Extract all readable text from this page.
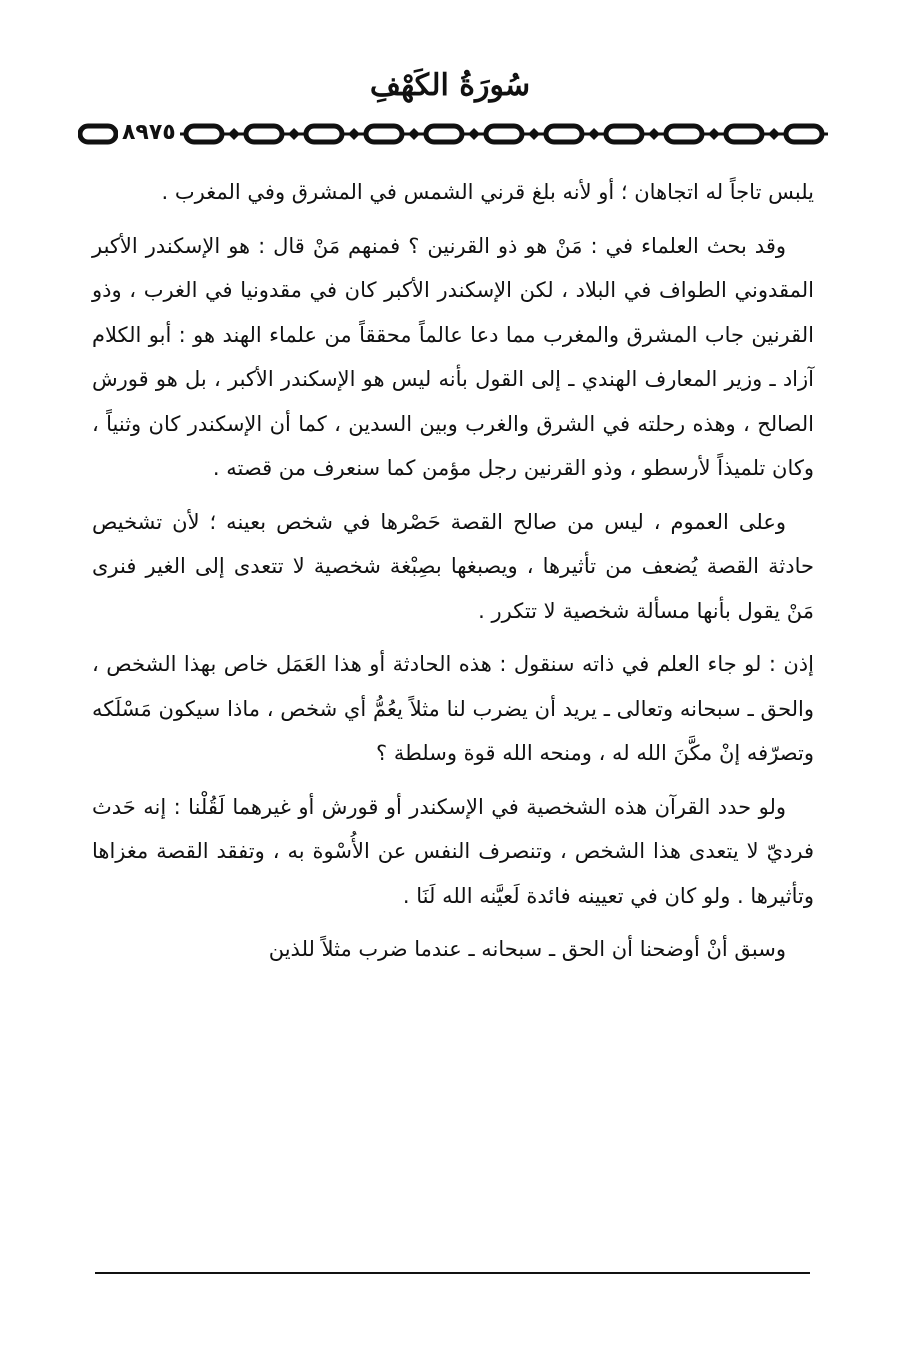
سُورَةُ الكَهْفِ
٨٩٧٥

يلبس تاجاً له اتجاهان ؛ أو لأنه بلغ قرني الشمس في المشرق وفي المغرب .

وقد بحث العلماء في : مَنْ هو ذو القرنين ؟ فمنهم مَنْ قال : هو الإسكندر الأكبر المقدوني الطواف في البلاد ، لكن الإسكندر الأكبر كان في مقدونيا في الغرب ، وذو القرنين جاب المشرق والمغرب مما دعا عالماً محققاً من علماء الهند هو : أبو الكلام آزاد ـ وزير المعارف الهندي ـ إلى القول بأنه ليس هو الإسكندر الأكبر ، بل هو قورش الصالح ، وهذه رحلته في الشرق والغرب وبين السدين ، كما أن الإسكندر كان وثنياً ، وكان تلميذاً لأرسطو ، وذو القرنين رجل مؤمن كما سنعرف من قصته .

وعلى العموم ، ليس من صالح القصة حَصْرها في شخص بعينه ؛ لأن تشخيص حادثة القصة يُضعف من تأثيرها ، ويصبغها بصِبْغة شخصية لا تتعدى إلى الغير فنرى مَنْ يقول بأنها مسألة شخصية لا تتكرر .

إذن : لو جاء العلم في ذاته سنقول : هذه الحادثة أو هذا العَمَل خاص بهذا الشخص ، والحق ـ سبحانه وتعالى ـ يريد أن يضرب لنا مثلاً يعُمُّ أي شخص ، ماذا سيكون مَسْلَكه وتصرّفه إنْ مكَّنَ الله له ، ومنحه الله قوة وسلطة ؟

ولو حدد القرآن هذه الشخصية في الإسكندر أو قورش أو غيرهما لَقُلْنا : إنه حَدث فرديّ لا يتعدى هذا الشخص ، وتنصرف النفس عن الأُسْوة به ، وتفقد القصة مغزاها وتأثيرها . ولو كان في تعيينه فائدة لَعيَّنه الله لَنَا .

وسبق أنْ أوضحنا أن الحق ـ سبحانه ـ عندما ضرب مثلاً للذين
